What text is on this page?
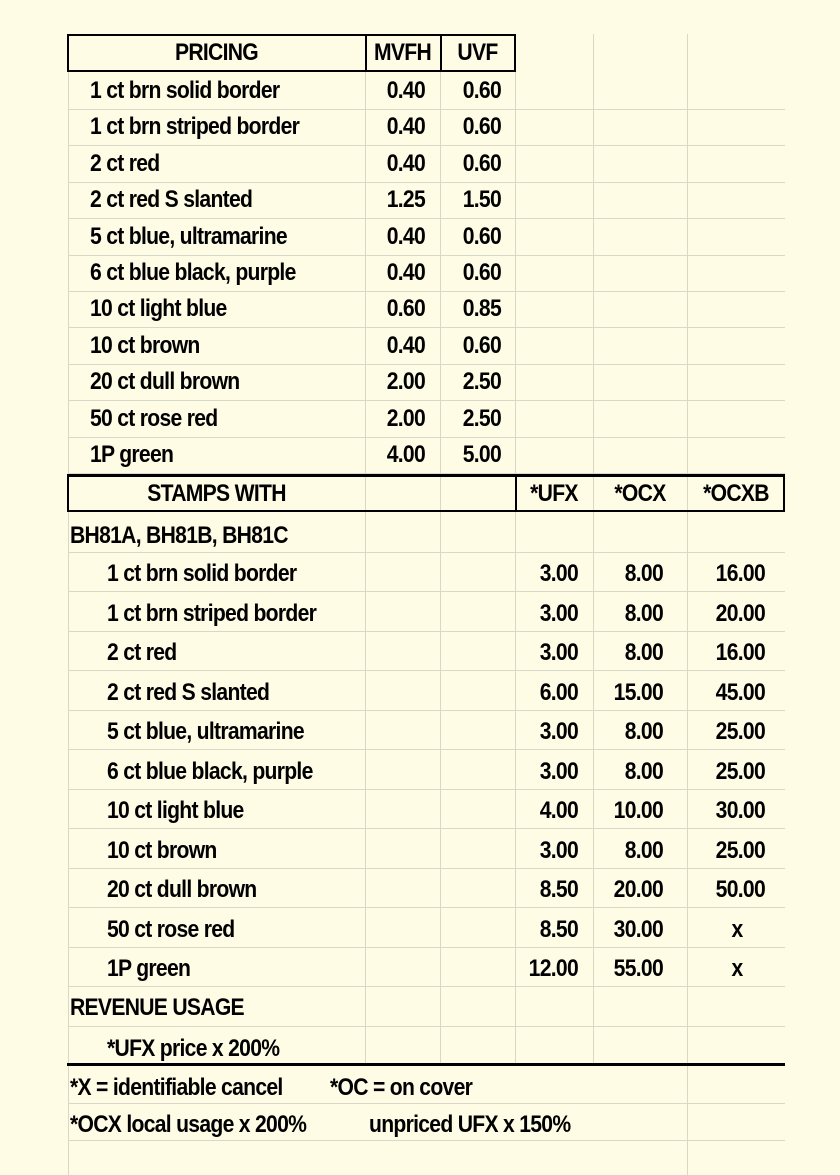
PRICING	MVFH	UVF
1 ct brn solid border	0.40	0.60
1 ct brn striped border	0.40	0.60
2 ct red	0.40	0.60
2 ct red S slanted	1.25	1.50
5 ct blue, ultramarine	0.40	0.60
6 ct blue black, purple	0.40	0.60
10 ct light blue	0.60	0.85
10 ct brown	0.40	0.60
20 ct dull brown	2.00	2.50
50 ct rose red	2.00	2.50
1P green	4.00	5.00
STAMPS WITH	*UFX	*OCX	*OCXB
BH81A, BH81B, BH81C
1 ct brn solid border	3.00	8.00	16.00
1 ct brn striped border	3.00	8.00	20.00
2 ct red	3.00	8.00	16.00
2 ct red S slanted	6.00	15.00	45.00
5 ct blue, ultramarine	3.00	8.00	25.00
6 ct blue black, purple	3.00	8.00	25.00
10 ct light blue	4.00	10.00	30.00
10 ct brown	3.00	8.00	25.00
20 ct dull brown	8.50	20.00	50.00
50 ct rose red	8.50	30.00	x
1P green	12.00	55.00	x
REVENUE USAGE
*UFX price x 200%
*X = identifiable cancel *OC = on cover
*OCX local usage x 200%	unpriced UFX x 150%
